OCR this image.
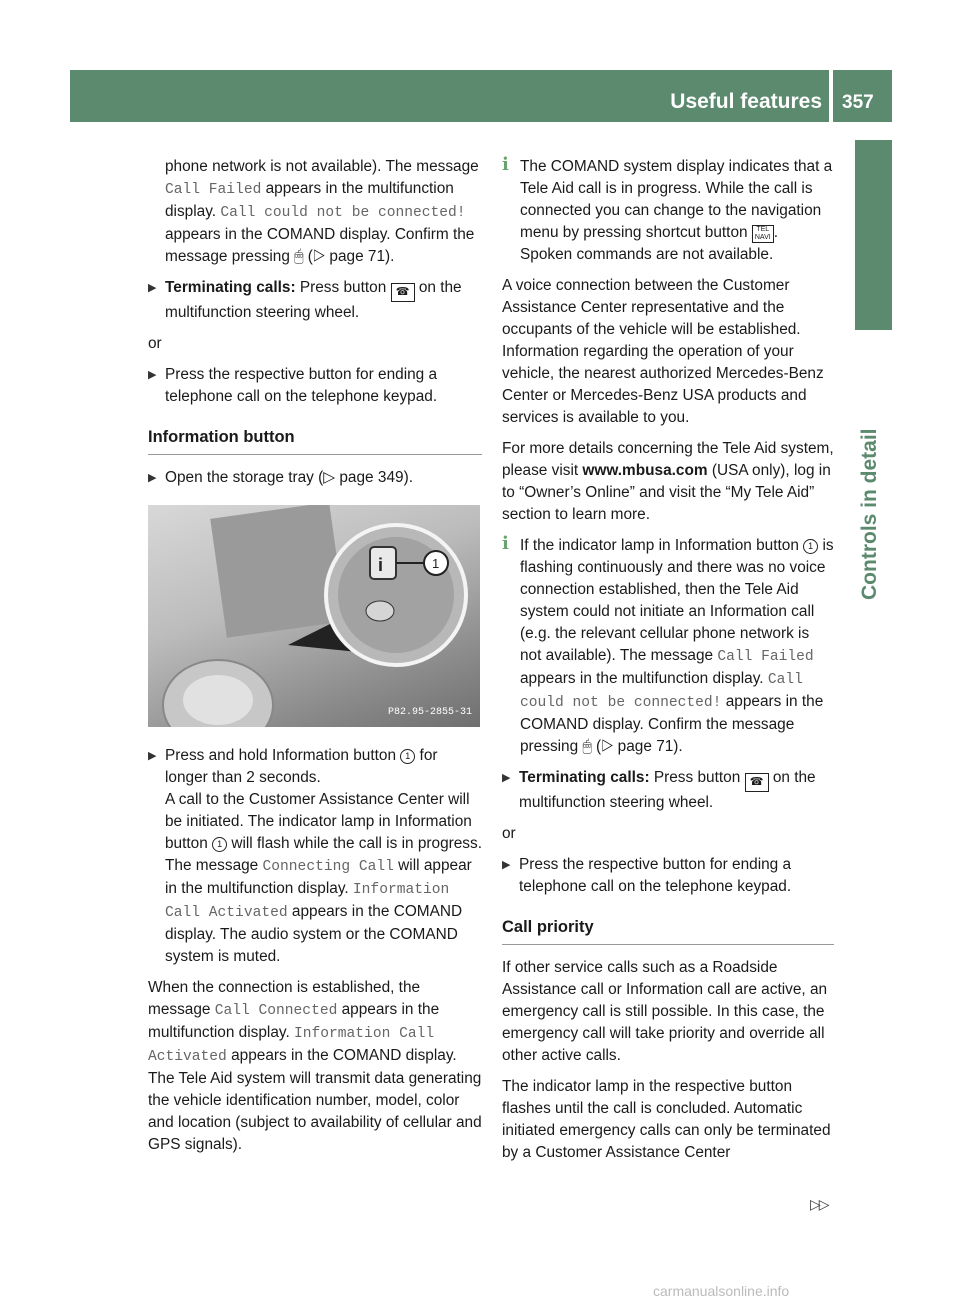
Useful features 357
Controls in detail

phone network is not available). The message Call Failed appears in the multifunction display. Call could not be connected! appears in the COMAND display. Confirm the message pressing 🖱 (▷ page 71).

▶ Terminating calls: Press button ☎ on the multifunction steering wheel.

or

▶ Press the respective button for ending a telephone call on the telephone keypad.
Information button
▶ Open the storage tray (▷ page 349).
i	1
P82.95-2855-31
▶ Press and hold Information button 1 for longer than 2 seconds.
A call to the Customer Assistance Center will be initiated. The indicator lamp in Information button 1 will flash while the call is in progress. The message Connecting Call will appear in the multifunction display. Information Call Activated appears in the COMAND display. The audio system or the COMAND system is muted.

When the connection is established, the message Call Connected appears in the multifunction display. Information Call Activated appears in the COMAND display. The Tele Aid system will transmit data generating the vehicle identification number, model, color and location (subject to availability of cellular and GPS signals).

i The COMAND system display indicates that a Tele Aid call is in progress. While the call is connected you can change to the navigation menu by pressing shortcut button TEL
NAVI . Spoken commands are not available.

A voice connection between the Customer Assistance Center representative and the occupants of the vehicle will be established. Information regarding the operation of your vehicle, the nearest authorized Mercedes-Benz Center or Mercedes-Benz USA products and services is available to you.

For more details concerning the Tele Aid system, please visit www.mbusa.com (USA only), log in to “Owner’s Online” and visit the “My Tele Aid” section to learn more.

i If the indicator lamp in Information button 1 is flashing continuously and there was no voice connection established, then the Tele Aid system could not initiate an Information call (e.g. the relevant cellular phone network is not available). The message Call Failed appears in the multifunction display. Call could not be connected! appears in the COMAND display. Confirm the message pressing 🖱 (▷ page 71).
▶ Terminating calls: Press button ☎ on the multifunction steering wheel.

or

▶ Press the respective button for ending a telephone call on the telephone keypad.
Call priority

If other service calls such as a Roadside Assistance call or Information call are active, an emergency call is still possible. In this case, the emergency call will take priority and override all other active calls.

The indicator lamp in the respective button flashes until the call is concluded. Automatic initiated emergency calls can only be terminated by a Customer Assistance Center

▷▷
carmanualsonline.info
